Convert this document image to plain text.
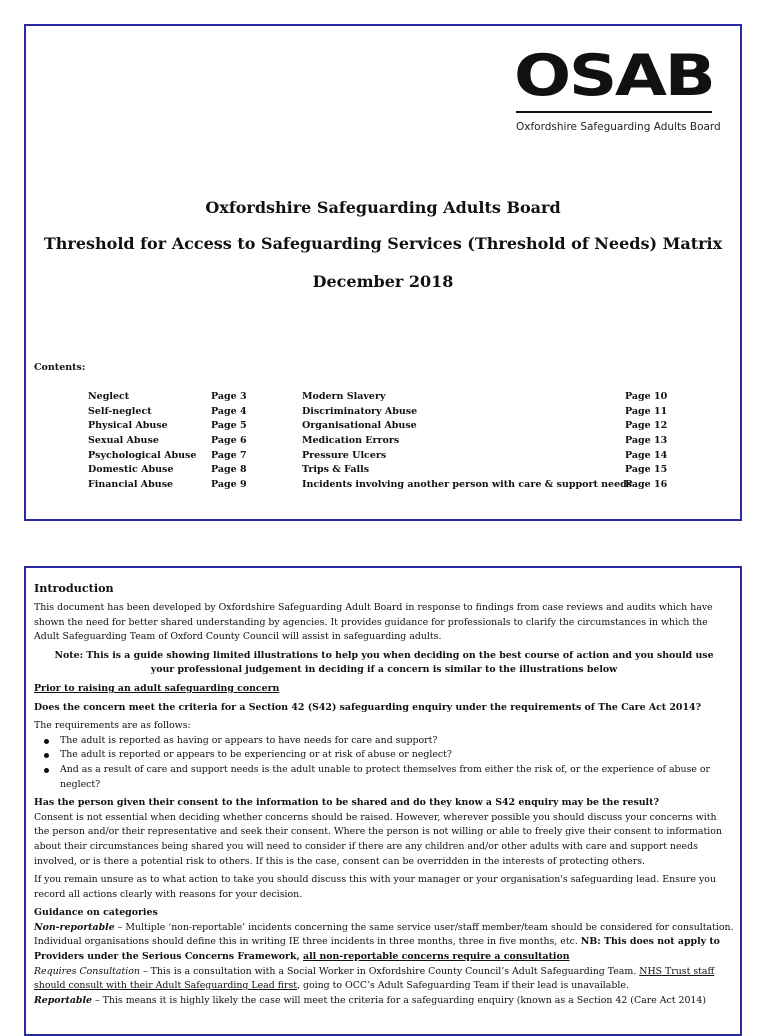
OSAB
Oxfordshire Safeguarding Adults Board

Oxfordshire Safeguarding Adults Board

Threshold for Access to Safeguarding Services (Threshold of Needs) Matrix

December 2018

Contents:
Neglect
Self-neglect
Physical Abuse
Sexual Abuse
Psychological Abuse
Domestic Abuse
Financial Abuse
Page 3
Page 4
Page 5
Page 6
Page 7
Page 8
Page 9
Modern Slavery
Discriminatory Abuse
Organisational Abuse
Medication Errors
Pressure Ulcers
Trips & Falls
Incidents involving another person with care & support needs
Page 10
Page 11
Page 12
Page 13
Page 14
Page 15
Page 16

Introduction

This document has been developed by Oxfordshire Safeguarding Adult Board in response to findings from case reviews and audits which have shown the need for better shared understanding by agencies. It provides guidance for professionals to clarify the circumstances in which the Adult Safeguarding Team of Oxford County Council will assist in safeguarding adults.

Note: This is a guide showing limited illustrations to help you when deciding on the best course of action and you should use your professional judgement in deciding if a concern is similar to the illustrations below

Prior to raising an adult safeguarding concern

Does the concern meet the criteria for a Section 42 (S42) safeguarding enquiry under the requirements of The Care Act 2014?

The requirements are as follows:

The adult is reported as having or appears to have needs for care and support?
The adult is reported or appears to be experiencing or at risk of abuse or neglect?
And as a result of care and support needs is the adult unable to protect themselves from either the risk of, or the experience of abuse or neglect?

Has the person given their consent to the information to be shared and do they know a S42 enquiry may be the result?

Consent is not essential when deciding whether concerns should be raised. However, wherever possible you should discuss your concerns with the person and/or their representative and seek their consent. Where the person is not willing or able to freely give their consent to information about their circumstances being shared you will need to consider if there are any children and/or other adults with care and support needs involved, or is there a potential risk to others. If this is the case, consent can be overridden in the interests of protecting others.

If you remain unsure as to what action to take you should discuss this with your manager or your organisation's safeguarding lead. Ensure you record all actions clearly with reasons for your decision.

Guidance on categories

Non-reportable – Multiple ‘non-reportable’ incidents concerning the same service user/staff member/team should be considered for consultation. Individual organisations should define this in writing IE three incidents in three months, three in five months, etc. NB: This does not apply to Providers under the Serious Concerns Framework, all non-reportable concerns require a consultation

Requires Consultation – This is a consultation with a Social Worker in Oxfordshire County Council’s Adult Safeguarding Team. NHS Trust staff should consult with their Adult Safeguarding Lead first, going to OCC’s Adult Safeguarding Team if their lead is unavailable.

Reportable – This means it is highly likely the case will meet the criteria for a safeguarding enquiry (known as a Section 42 (Care Act 2014)
